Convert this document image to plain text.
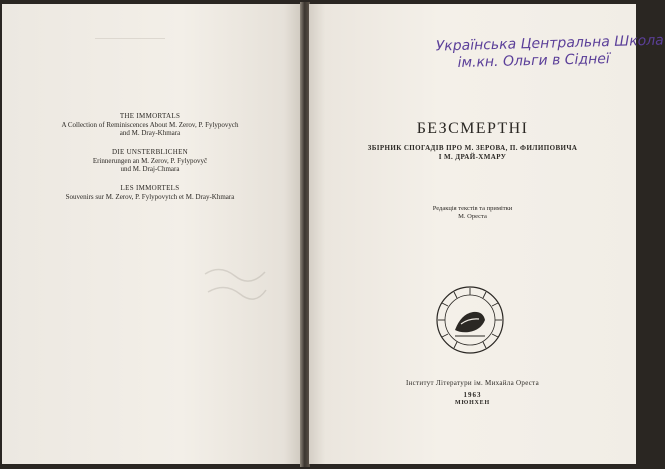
THE IMMORTALS
A Collection of Reminiscences About M. Zerov, P. Fylypovych
and M. Dray-Khmara
DIE UNSTERBLICHEN
Erinnerungen an M. Zerov, P. Fylypovyč
und M. Draj-Chmara
LES IMMORTELS
Souvenirs sur M. Zerov, P. Fylypovytch et M. Dray-Khmara
Українська Центральна Школа
ім.кн. Ольги в Сіднеї
БЕЗСМЕРТНІ
ЗБІРНИК СПОГАДІВ ПРО М. ЗЕРОВА, П. ФИЛИПОВИЧА
І М. ДРАЙ-ХМАРУ
Редакція текстів та примітки
М. Ореста
Інститут Літератури ім. Михайла Ореста
1963
МЮНХЕН
